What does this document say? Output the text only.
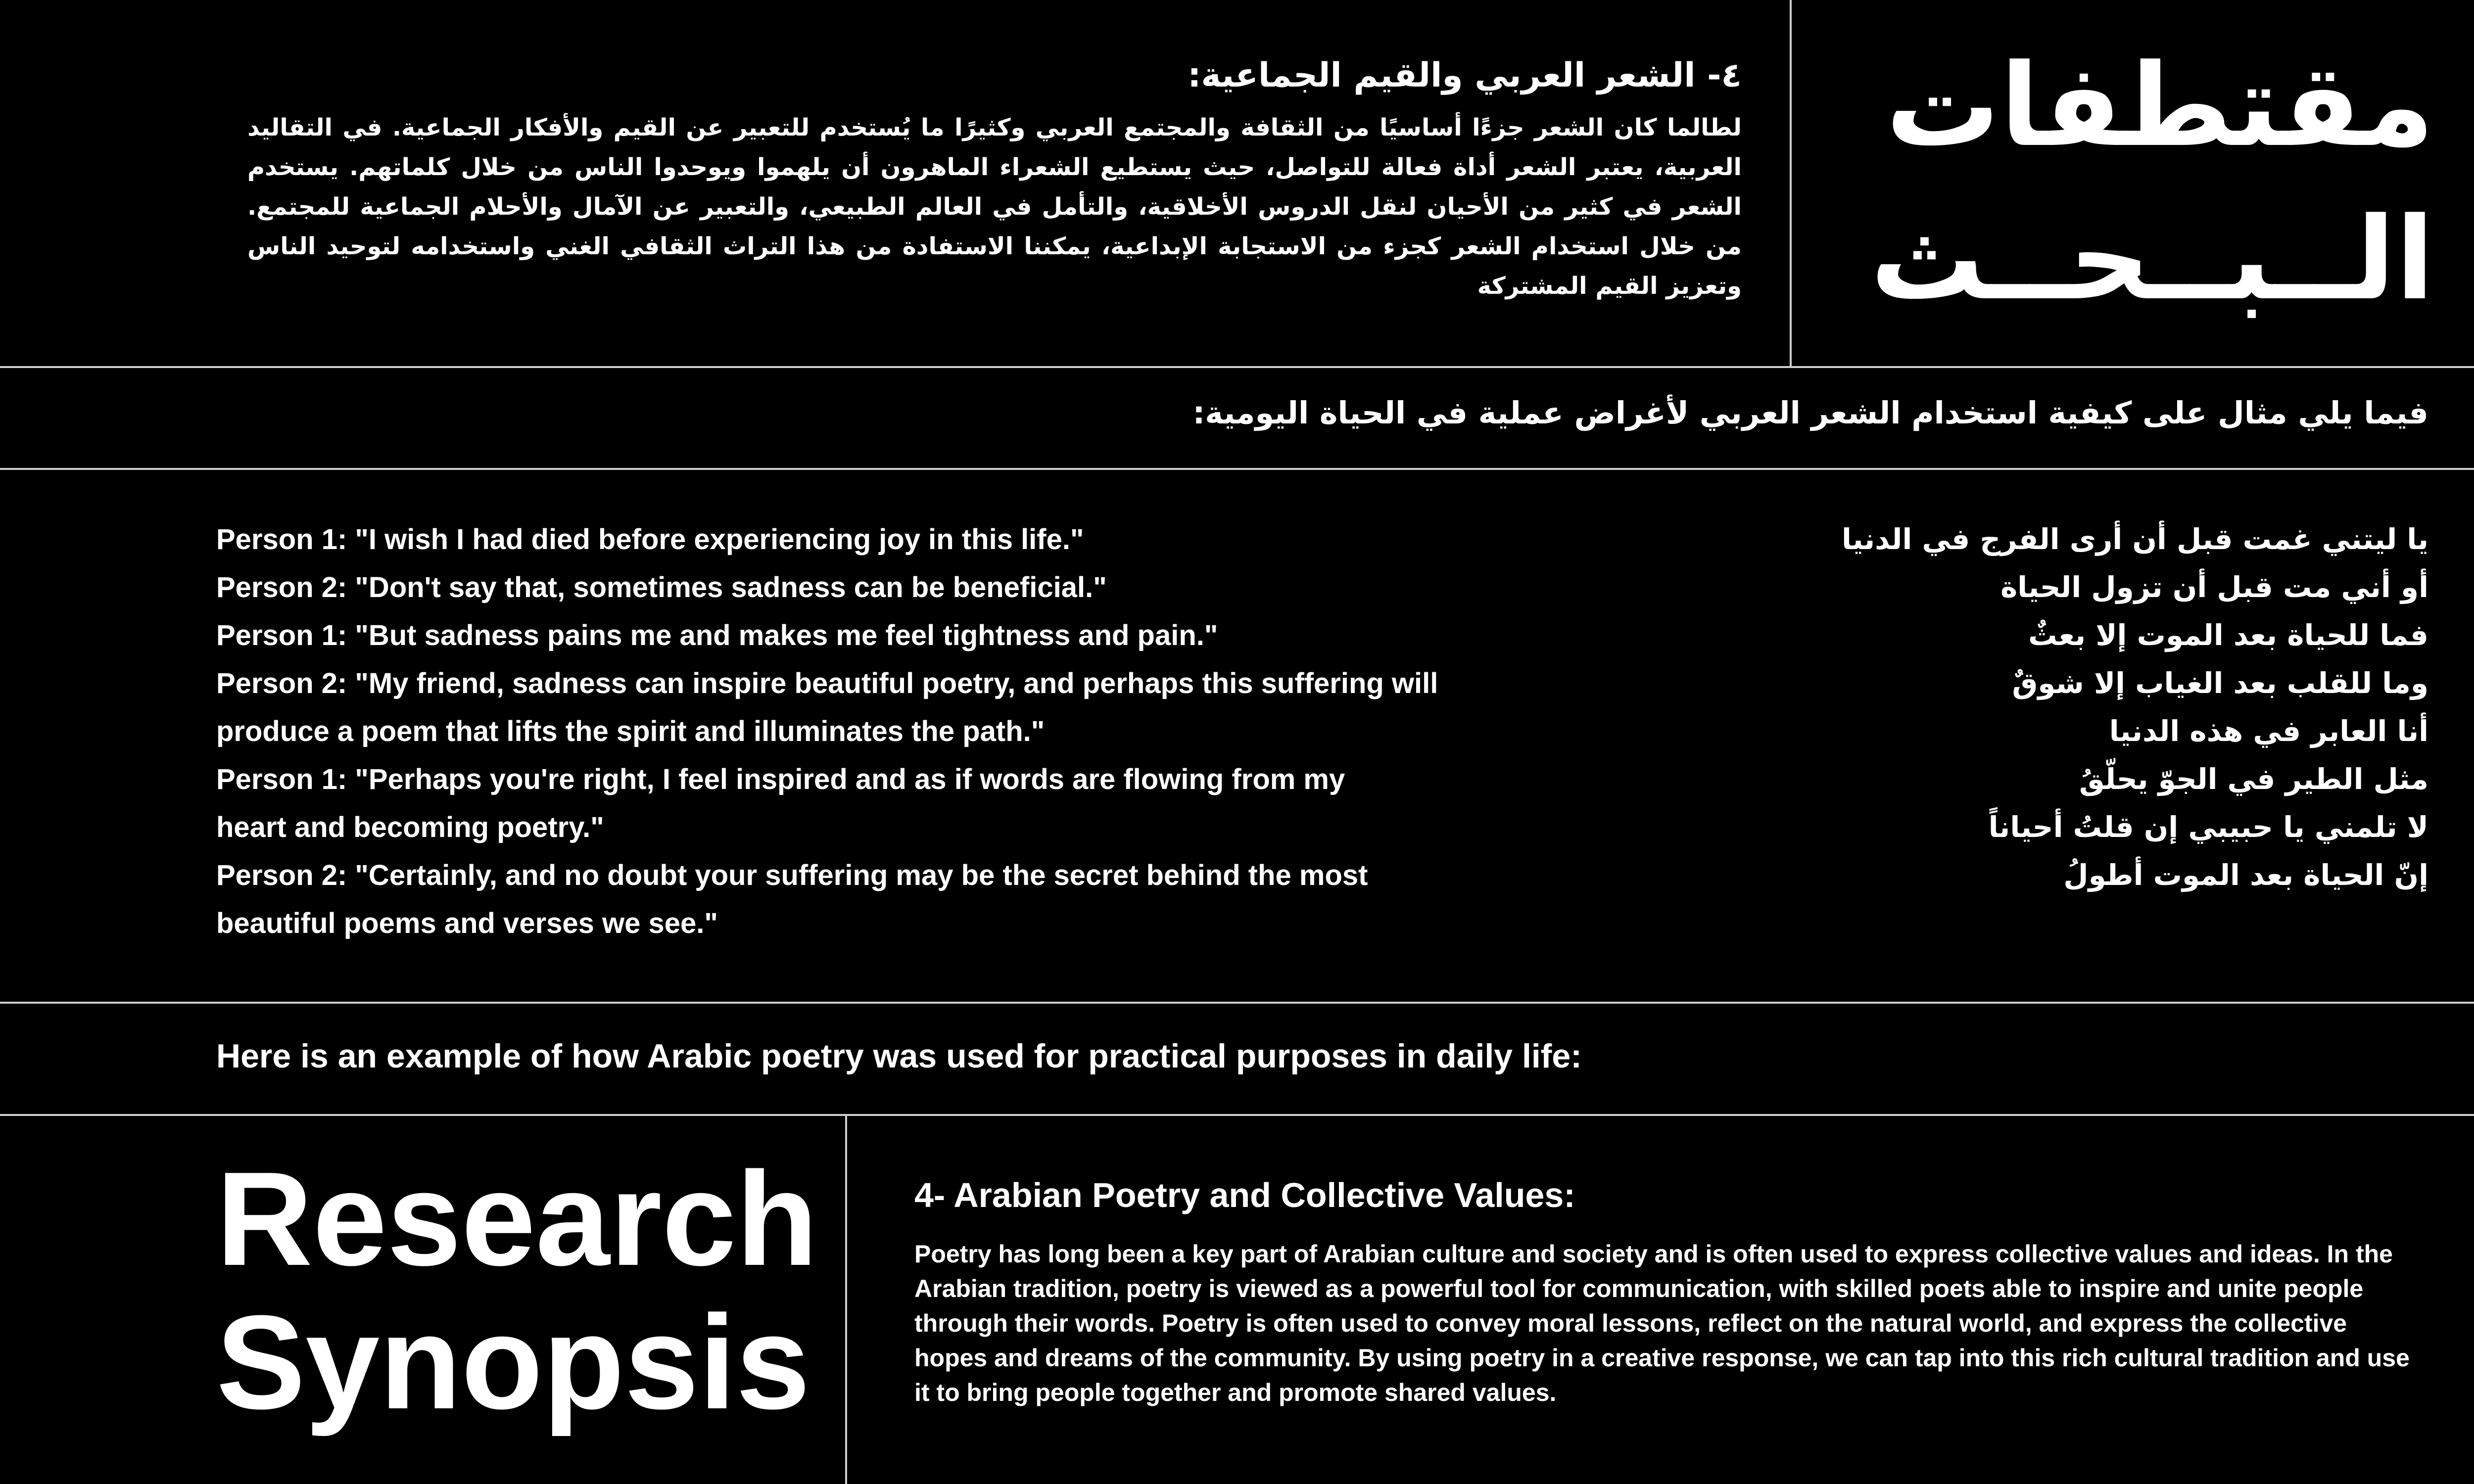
مقتطفات
الــبــحــث
٤- الشعر العربي والقيم الجماعية:
لطالما كان الشعر جزءًا أساسيًا من الثقافة والمجتمع العربي وكثيرًا ما يُستخدم للتعبير عن القيم والأفكار الجماعية. في التقاليد العربية، يعتبر الشعر أداة فعالة للتواصل، حيث يستطيع الشعراء الماهرون أن يلهموا ويوحدوا الناس من خلال كلماتهم. يستخدم الشعر في كثير من الأحيان لنقل الدروس الأخلاقية، والتأمل في العالم الطبيعي، والتعبير عن الآمال والأحلام الجماعية للمجتمع. من خلال استخدام الشعر كجزء من الاستجابة الإبداعية، يمكننا الاستفادة من هذا التراث الثقافي الغني واستخدامه لتوحيد الناس وتعزيز القيم المشتركة
فيما يلي مثال على كيفية استخدام الشعر العربي لأغراض عملية في الحياة اليومية:
Person 1: "I wish I had died before experiencing joy in this life."
Person 2: "Don't say that, sometimes sadness can be beneficial."
Person 1: "But sadness pains me and makes me feel tightness and pain."
Person 2: "My friend, sadness can inspire beautiful poetry, and perhaps this suffering will produce a poem that lifts the spirit and illuminates the path."
Person 1: "Perhaps you're right, I feel inspired and as if words are flowing from my heart and becoming poetry."
Person 2: "Certainly, and no doubt your suffering may be the secret behind the most beautiful poems and verses we see."
يا ليتني غمت قبل أن أرى الفرج في الدنيا
أو أني مت قبل أن تزول الحياة
فما للحياة بعد الموت إلا بعثٌ
وما للقلب بعد الغياب إلا شوقٌ
أنا العابر في هذه الدنيا
مثل الطير في الجوّ يحلّقُ
لا تلمني يا حبيبي إن قلتُ أحياناً
إنّ الحياة بعد الموت أطولُ
Here is an example of how Arabic poetry was used for practical purposes in daily life:
Research
Synopsis
4- Arabian Poetry and Collective Values:
Poetry has long been a key part of Arabian culture and society and is often used to express collective values and ideas. In the Arabian tradition, poetry is viewed as a powerful tool for communication, with skilled poets able to inspire and unite people through their words. Poetry is often used to convey moral lessons, reflect on the natural world, and express the collective hopes and dreams of the community. By using poetry in a creative response, we can tap into this rich cultural tradition and use it to bring people together and promote shared values.
